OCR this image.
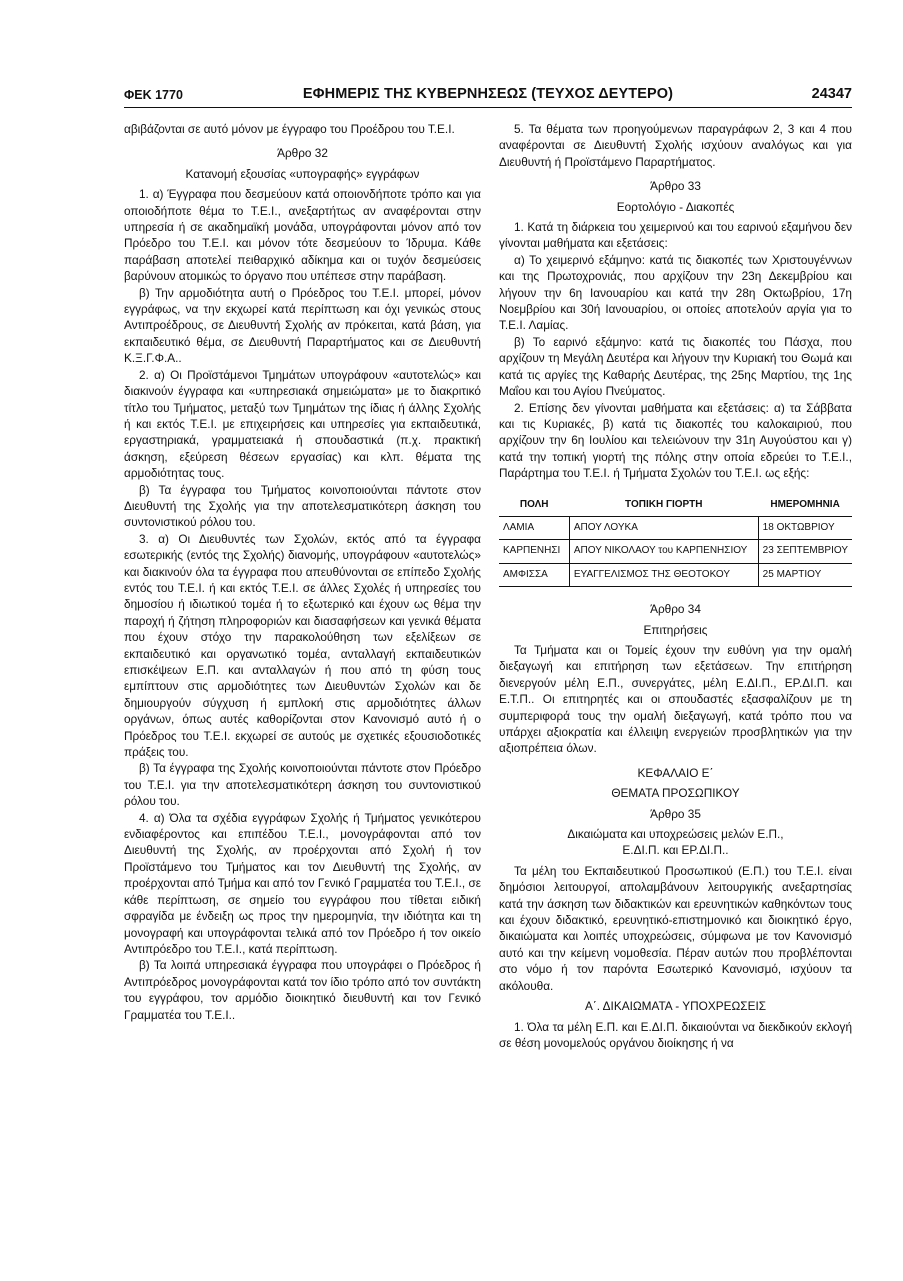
ΦΕΚ 1770	ΕΦΗΜΕΡΙΣ ΤΗΣ ΚΥΒΕΡΝΗΣΕΩΣ (ΤΕΥΧΟΣ ΔΕΥΤΕΡΟ)	24347

αβιβάζονται σε αυτό μόνον με έγγραφο του Προέδρου του Τ.Ε.Ι.

Άρθρο 32
Κατανομή εξουσίας «υπογραφής» εγγράφων

1. α) Έγγραφα που δεσμεύουν κατά οποιονδήποτε τρόπο και για οποιοδήποτε θέμα το Τ.Ε.Ι., ανεξαρτήτως αν αναφέρονται στην υπηρεσία ή σε ακαδημαϊκή μονάδα, υπογράφονται μόνον από τον Πρόεδρο του Τ.Ε.Ι. και μόνον τότε δεσμεύουν το Ίδρυμα. Κάθε παράβαση αποτελεί πειθαρχικό αδίκημα και οι τυχόν δεσμεύσεις βαρύνουν ατομικώς το όργανο που υπέπεσε στην παράβαση.

β) Την αρμοδιότητα αυτή ο Πρόεδρος του Τ.Ε.Ι. μπορεί, μόνον εγγράφως, να την εκχωρεί κατά περίπτωση και όχι γενικώς στους Αντιπροέδρους, σε Διευθυντή Σχολής αν πρόκειται, κατά βάση, για εκπαιδευτικό θέμα, σε Διευθυντή Παραρτήματος και σε Διευθυντή Κ.Ξ.Γ.Φ.Α..

2. α) Οι Προϊστάμενοι Τμημάτων υπογράφουν «αυτοτελώς» και διακινούν έγγραφα και «υπηρεσιακά σημειώματα» με το διακριτικό τίτλο του Τμήματος, μεταξύ των Τμημάτων της ίδιας ή άλλης Σχολής ή και εκτός Τ.Ε.Ι. με επιχειρήσεις και υπηρεσίες για εκπαιδευτικά, εργαστηριακά, γραμματειακά ή σπουδαστικά (π.χ. πρακτική άσκηση, εξεύρεση θέσεων εργασίας) και κλπ. θέματα της αρμοδιότητας τους.

β) Τα έγγραφα του Τμήματος κοινοποιούνται πάντοτε στον Διευθυντή της Σχολής για την αποτελεσματικότερη άσκηση του συντονιστικού ρόλου του.

3. α) Οι Διευθυντές των Σχολών, εκτός από τα έγγραφα εσωτερικής (εντός της Σχολής) διανομής, υπογράφουν «αυτοτελώς» και διακινούν όλα τα έγγραφα που απευθύνονται σε επίπεδο Σχολής εντός του Τ.Ε.Ι. ή και εκτός Τ.Ε.Ι. σε άλλες Σχολές ή υπηρεσίες του δημοσίου ή ιδιωτικού τομέα ή το εξωτερικό και έχουν ως θέμα την παροχή ή ζήτηση πληροφοριών και διασαφήσεων και γενικά θέματα που έχουν στόχο την παρακολούθηση των εξελίξεων σε εκπαιδευτικό και οργανωτικό τομέα, ανταλλαγή εκπαιδευτικών επισκέψεων Ε.Π. και ανταλλαγών ή που από τη φύση τους εμπίπτουν στις αρμοδιότητες των Διευθυντών Σχολών και δε δημιουργούν σύγχυση ή εμπλοκή στις αρμοδιότητες άλλων οργάνων, όπως αυτές καθορίζονται στον Κανονισμό αυτό ή ο Πρόεδρος του Τ.Ε.Ι. εκχωρεί σε αυτούς με σχετικές εξουσιοδοτικές πράξεις του.

β) Τα έγγραφα της Σχολής κοινοποιούνται πάντοτε στον Πρόεδρο του Τ.Ε.Ι. για την αποτελεσματικότερη άσκηση του συντονιστικού ρόλου του.

4. α) Όλα τα σχέδια εγγράφων Σχολής ή Τμήματος γενικότερου ενδιαφέροντος και επιπέδου Τ.Ε.Ι., μονογράφονται από τον Διευθυντή της Σχολής, αν προέρχονται από Σχολή ή τον Προϊστάμενο του Τμήματος και τον Διευθυντή της Σχολής, αν προέρχονται από Τμήμα και από τον Γενικό Γραμματέα του Τ.Ε.Ι., σε κάθε περίπτωση, σε σημείο του εγγράφου που τίθεται ειδική σφραγίδα με ένδειξη ως προς την ημερομηνία, την ιδιότητα και τη μονογραφή και υπογράφονται τελικά από τον Πρόεδρο ή τον οικείο Αντιπρόεδρο του Τ.Ε.Ι., κατά περίπτωση.

β) Τα λοιπά υπηρεσιακά έγγραφα που υπογράφει ο Πρόεδρος ή Αντιπρόεδρος μονογράφονται κατά τον ίδιο τρόπο από τον συντάκτη του εγγράφου, τον αρμόδιο διοικητικό διευθυντή και τον Γενικό Γραμματέα του Τ.Ε.Ι..

5. Τα θέματα των προηγούμενων παραγράφων 2, 3 και 4 που αναφέρονται σε Διευθυντή Σχολής ισχύουν αναλόγως και για Διευθυντή ή Προϊστάμενο Παραρτήματος.

Άρθρο 33
Εορτολόγιο - Διακοπές

1. Κατά τη διάρκεια του χειμερινού και του εαρινού εξαμήνου δεν γίνονται μαθήματα και εξετάσεις:

α) Το χειμερινό εξάμηνο: κατά τις διακοπές των Χριστουγέννων και της Πρωτοχρονιάς, που αρχίζουν την 23η Δεκεμβρίου και λήγουν την 6η Ιανουαρίου και κατά την 28η Οκτωβρίου, 17η Νοεμβρίου και 30ή Ιανουαρίου, οι οποίες αποτελούν αργία για το Τ.Ε.Ι. Λαμίας.

β) Το εαρινό εξάμηνο: κατά τις διακοπές του Πάσχα, που αρχίζουν τη Μεγάλη Δευτέρα και λήγουν την Κυριακή του Θωμά και κατά τις αργίες της Καθαρής Δευτέρας, της 25ης Μαρτίου, της 1ης Μαΐου και του Αγίου Πνεύματος.

2. Επίσης δεν γίνονται μαθήματα και εξετάσεις: α) τα Σάββατα και τις Κυριακές, β) κατά τις διακοπές του καλοκαιριού, που αρχίζουν την 6η Ιουλίου και τελειώνουν την 31η Αυγούστου και γ) κατά την τοπική γιορτή της πόλης στην οποία εδρεύει το Τ.Ε.Ι., Παράρτημα του Τ.Ε.Ι. ή Τμήματα Σχολών του Τ.Ε.Ι. ως εξής:

ΠΟΛΗ	ΤΟΠΙΚΗ ΓΙΟΡΤΗ	ΗΜΕΡΟΜΗΝΙΑ
ΛΑΜΙΑ	ΑΠΟΥ ΛΟΥΚΑ	18 ΟΚΤΩΒΡΙΟΥ
ΚΑΡΠΕΝΗΣΙ	ΑΠΟΥ ΝΙΚΟΛΑΟΥ του ΚΑΡΠΕΝΗΣΙΟΥ	23 ΣΕΠΤΕΜΒΡΙΟΥ
ΑΜΦΙΣΣΑ	ΕΥΑΓΓΕΛΙΣΜΟΣ ΤΗΣ ΘΕΟΤΟΚΟΥ	25 ΜΑΡΤΙΟΥ
Άρθρο 34
Επιτηρήσεις

Τα Τμήματα και οι Τομείς έχουν την ευθύνη για την ομαλή διεξαγωγή και επιτήρηση των εξετάσεων. Την επιτήρηση διενεργούν μέλη Ε.Π., συνεργάτες, μέλη Ε.ΔΙ.Π., ΕΡ.ΔΙ.Π. και Ε.Τ.Π.. Οι επιτηρητές και οι σπουδαστές εξασφαλίζουν με τη συμπεριφορά τους την ομαλή διεξαγωγή, κατά τρόπο που να υπάρχει αξιοκρατία και έλλειψη ενεργειών προσβλητικών για την αξιοπρέπεια όλων.

ΚΕΦΑΛΑΙΟ Ε΄
ΘΕΜΑΤΑ ΠΡΟΣΩΠΙΚΟΥ
Άρθρο 35
Δικαιώματα και υποχρεώσεις μελών Ε.Π.,
Ε.ΔΙ.Π. και ΕΡ.ΔΙ.Π..

Τα μέλη του Εκπαιδευτικού Προσωπικού (Ε.Π.) του Τ.Ε.Ι. είναι δημόσιοι λειτουργοί, απολαμβάνουν λειτουργικής ανεξαρτησίας κατά την άσκηση των διδακτικών και ερευνητικών καθηκόντων τους και έχουν διδακτικό, ερευνητικό-επιστημονικό και διοικητικό έργο, δικαιώματα και λοιπές υποχρεώσεις, σύμφωνα με τον Κανονισμό αυτό και την κείμενη νομοθεσία. Πέραν αυτών που προβλέπονται στο νόμο ή τον παρόντα Εσωτερικό Κανονισμό, ισχύουν τα ακόλουθα.

Α΄. ΔΙΚΑΙΩΜΑΤΑ - ΥΠΟΧΡΕΩΣΕΙΣ

1. Όλα τα μέλη Ε.Π. και Ε.ΔΙ.Π. δικαιούνται να διεκδικούν εκλογή σε θέση μονομελούς οργάνου διοίκησης ή να
